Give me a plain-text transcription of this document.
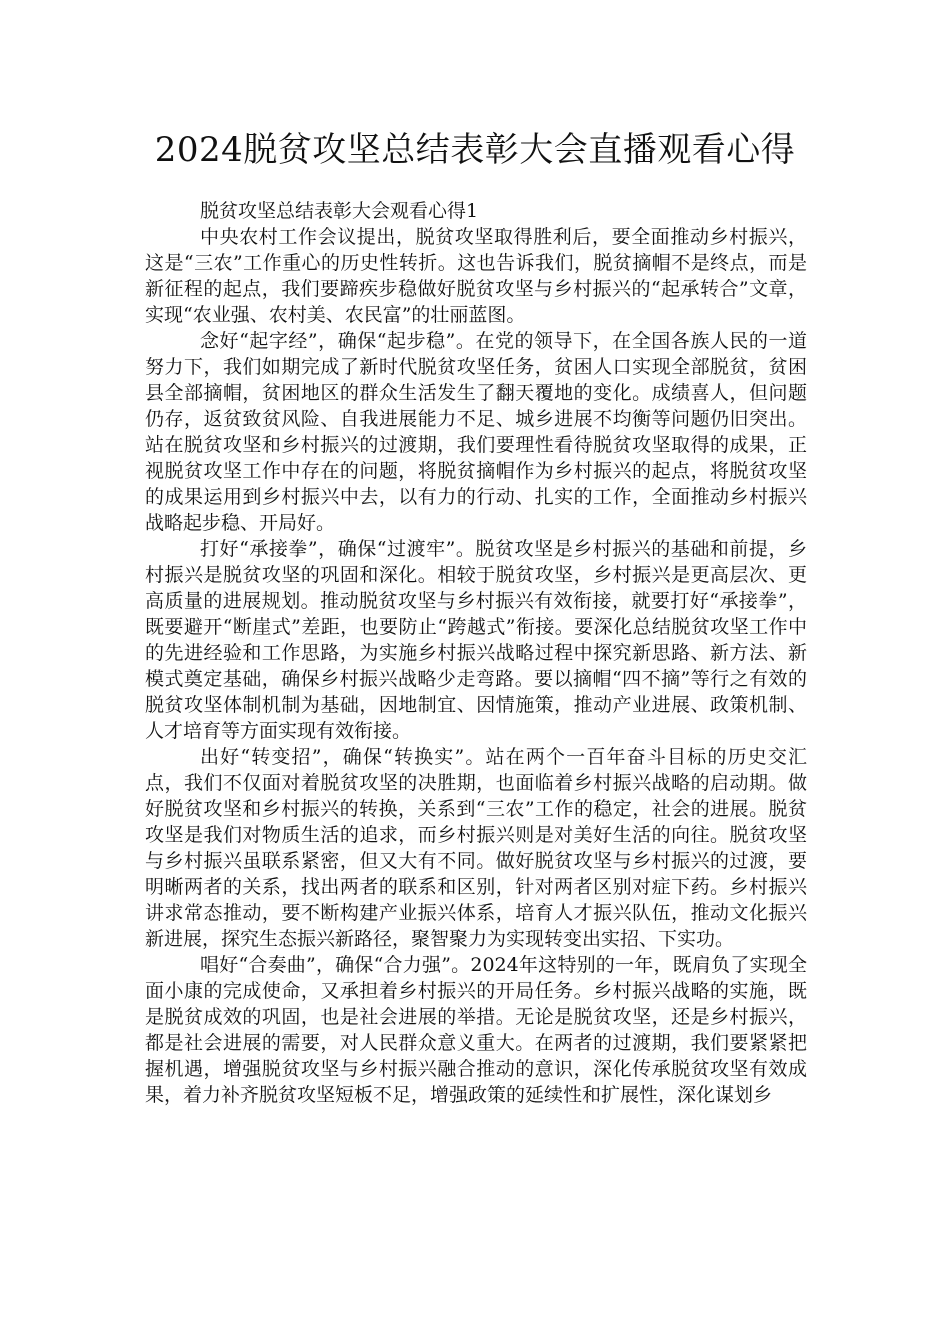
2024脱贫攻坚总结表彰大会直播观看心得

脱贫攻坚总结表彰大会观看心得1

中央农村工作会议提出，脱贫攻坚取得胜利后，要全面推动乡村振兴，这是“三农”工作重心的历史性转折。这也告诉我们，脱贫摘帽不是终点，而是新征程的起点，我们要蹄疾步稳做好脱贫攻坚与乡村振兴的“起承转合”文章，实现“农业强、农村美、农民富”的壮丽蓝图。

念好“起字经”，确保“起步稳”。在党的领导下，在全国各族人民的一道努力下，我们如期完成了新时代脱贫攻坚任务，贫困人口实现全部脱贫，贫困县全部摘帽，贫困地区的群众生活发生了翻天覆地的变化。成绩喜人，但问题仍存，返贫致贫风险、自我进展能力不足、城乡进展不均衡等问题仍旧突出。站在脱贫攻坚和乡村振兴的过渡期，我们要理性看待脱贫攻坚取得的成果，正视脱贫攻坚工作中存在的问题，将脱贫摘帽作为乡村振兴的起点，将脱贫攻坚的成果运用到乡村振兴中去，以有力的行动、扎实的工作，全面推动乡村振兴战略起步稳、开局好。

打好“承接拳”，确保“过渡牢”。脱贫攻坚是乡村振兴的基础和前提，乡村振兴是脱贫攻坚的巩固和深化。相较于脱贫攻坚，乡村振兴是更高层次、更高质量的进展规划。推动脱贫攻坚与乡村振兴有效衔接，就要打好“承接拳”，既要避开“断崖式”差距，也要防止“跨越式”衔接。要深化总结脱贫攻坚工作中的先进经验和工作思路，为实施乡村振兴战略过程中探究新思路、新方法、新模式奠定基础，确保乡村振兴战略少走弯路。要以摘帽“四不摘”等行之有效的脱贫攻坚体制机制为基础，因地制宜、因情施策，推动产业进展、政策机制、人才培育等方面实现有效衔接。

出好“转变招”，确保“转换实”。站在两个一百年奋斗目标的历史交汇点，我们不仅面对着脱贫攻坚的决胜期，也面临着乡村振兴战略的启动期。做好脱贫攻坚和乡村振兴的转换，关系到“三农”工作的稳定，社会的进展。脱贫攻坚是我们对物质生活的追求，而乡村振兴则是对美好生活的向往。脱贫攻坚与乡村振兴虽联系紧密，但又大有不同。做好脱贫攻坚与乡村振兴的过渡，要明晰两者的关系，找出两者的联系和区别，针对两者区别对症下药。乡村振兴讲求常态推动，要不断构建产业振兴体系，培育人才振兴队伍，推动文化振兴新进展，探究生态振兴新路径，聚智聚力为实现转变出实招、下实功。

唱好“合奏曲”，确保“合力强”。2024年这特别的一年，既肩负了实现全面小康的完成使命，又承担着乡村振兴的开局任务。乡村振兴战略的实施，既是脱贫成效的巩固，也是社会进展的举措。无论是脱贫攻坚，还是乡村振兴，都是社会进展的需要，对人民群众意义重大。在两者的过渡期，我们要紧紧把握机遇，增强脱贫攻坚与乡村振兴融合推动的意识，深化传承脱贫攻坚有效成果，着力补齐脱贫攻坚短板不足，增强政策的延续性和扩展性，深化谋划乡
